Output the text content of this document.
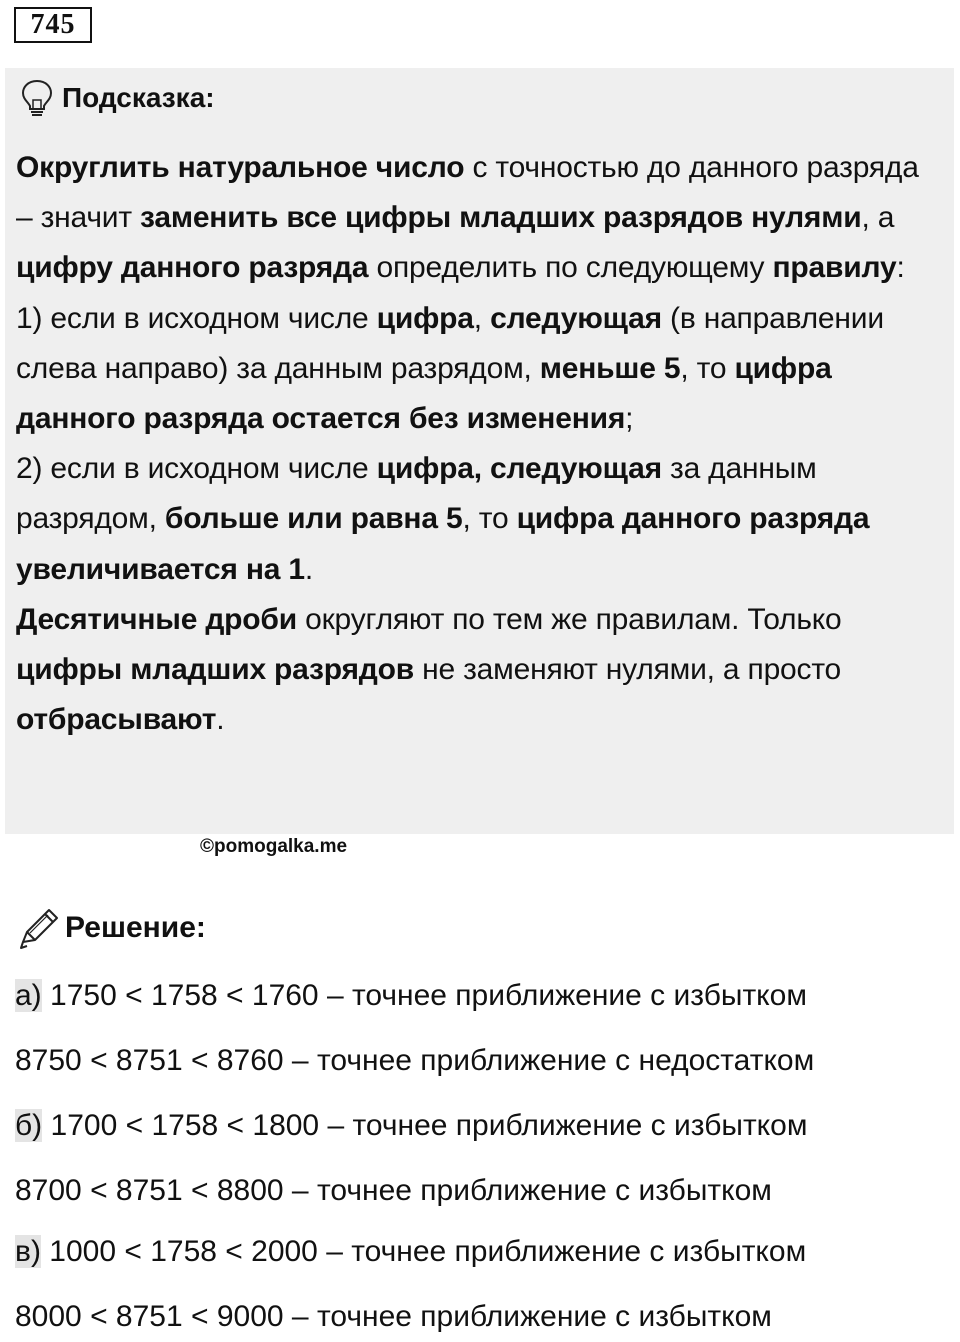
745
Подсказка:
Округлить натуральное число с точностью до данного разряда – значит заменить все цифры младших разрядов нулями, а цифру данного разряда определить по следующему правилу:
1) если в исходном числе цифра, следующая (в направлении слева направо) за данным разрядом, меньше 5, то цифра данного разряда остается без изменения;
2) если в исходном числе цифра, следующая за данным разрядом, больше или равна 5, то цифра данного разряда увеличивается на 1.
Десятичные дроби округляют по тем же правилам. Только цифры младших разрядов не заменяют нулями, а просто отбрасывают.
©pomogalka.me
Решение:
а) 1750 < 1758 < 1760 – точнее приближение с избытком
8750 < 8751 < 8760 – точнее приближение с недостатком
б) 1700 < 1758 < 1800 – точнее приближение с избытком
8700 < 8751 < 8800 – точнее приближение с избытком
в) 1000 < 1758 < 2000 – точнее приближение с избытком
8000 < 8751 < 9000 – точнее приближение с избытком
